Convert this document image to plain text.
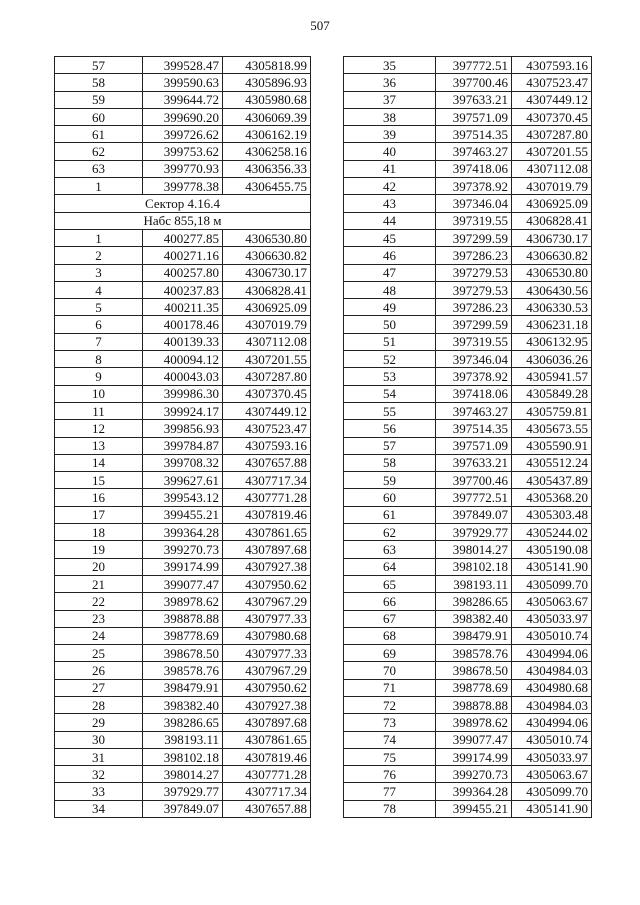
507
57	399528.47	4305818.99
58	399590.63	4305896.93
59	399644.72	4305980.68
60	399690.20	4306069.39
61	399726.62	4306162.19
62	399753.62	4306258.16
63	399770.93	4306356.33
1	399778.38	4306455.75
Сектор 4.16.4		
Набс 855,18 м		
1	400277.85	4306530.80
2	400271.16	4306630.82
3	400257.80	4306730.17
4	400237.83	4306828.41
5	400211.35	4306925.09
6	400178.46	4307019.79
7	400139.33	4307112.08
8	400094.12	4307201.55
9	400043.03	4307287.80
10	399986.30	4307370.45
11	399924.17	4307449.12
12	399856.93	4307523.47
13	399784.87	4307593.16
14	399708.32	4307657.88
15	399627.61	4307717.34
16	399543.12	4307771.28
17	399455.21	4307819.46
18	399364.28	4307861.65
19	399270.73	4307897.68
20	399174.99	4307927.38
21	399077.47	4307950.62
22	398978.62	4307967.29
23	398878.88	4307977.33
24	398778.69	4307980.68
25	398678.50	4307977.33
26	398578.76	4307967.29
27	398479.91	4307950.62
28	398382.40	4307927.38
29	398286.65	4307897.68
30	398193.11	4307861.65
31	398102.18	4307819.46
32	398014.27	4307771.28
33	397929.77	4307717.34
34	397849.07	4307657.88
35	397772.51	4307593.16
36	397700.46	4307523.47
37	397633.21	4307449.12
38	397571.09	4307370.45
39	397514.35	4307287.80
40	397463.27	4307201.55
41	397418.06	4307112.08
42	397378.92	4307019.79
43	397346.04	4306925.09
44	397319.55	4306828.41
45	397299.59	4306730.17
46	397286.23	4306630.82
47	397279.53	4306530.80
48	397279.53	4306430.56
49	397286.23	4306330.53
50	397299.59	4306231.18
51	397319.55	4306132.95
52	397346.04	4306036.26
53	397378.92	4305941.57
54	397418.06	4305849.28
55	397463.27	4305759.81
56	397514.35	4305673.55
57	397571.09	4305590.91
58	397633.21	4305512.24
59	397700.46	4305437.89
60	397772.51	4305368.20
61	397849.07	4305303.48
62	397929.77	4305244.02
63	398014.27	4305190.08
64	398102.18	4305141.90
65	398193.11	4305099.70
66	398286.65	4305063.67
67	398382.40	4305033.97
68	398479.91	4305010.74
69	398578.76	4304994.06
70	398678.50	4304984.03
71	398778.69	4304980.68
72	398878.88	4304984.03
73	398978.62	4304994.06
74	399077.47	4305010.74
75	399174.99	4305033.97
76	399270.73	4305063.67
77	399364.28	4305099.70
78	399455.21	4305141.90
